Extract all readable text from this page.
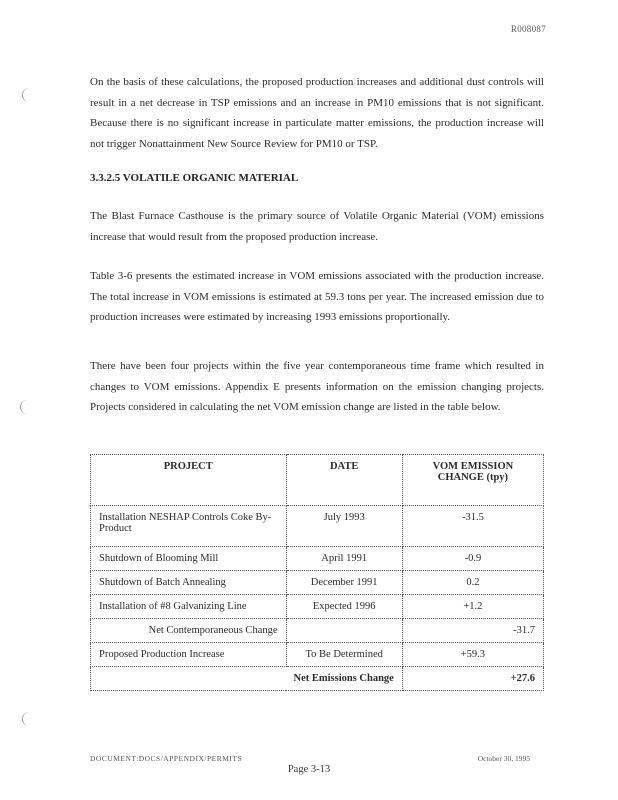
R008087

On the basis of these calculations, the proposed production increases and additional dust controls will result in a net decrease in TSP emissions and an increase in PM10 emissions that is not significant. Because there is no significant increase in particulate matter emissions, the production increase will not trigger Nonattainment New Source Review for PM10 or TSP.

3.3.2.5 VOLATILE ORGANIC MATERIAL

The Blast Furnace Casthouse is the primary source of Volatile Organic Material (VOM) emissions increase that would result from the proposed production increase.

Table 3-6 presents the estimated increase in VOM emissions associated with the production increase. The total increase in VOM emissions is estimated at 59.3 tons per year. The increased emission due to production increases were estimated by increasing 1993 emissions proportionally.

There have been four projects within the five year contemporaneous time frame which resulted in changes to VOM emissions. Appendix E presents information on the emission changing projects. Projects considered in calculating the net VOM emission change are listed in the table below.

PROJECT	DATE	VOM EMISSION CHANGE (tpy)
Installation NESHAP Controls Coke By-Product	July 1993	-31.5
Shutdown of Blooming Mill	April 1991	-0.9
Shutdown of Batch Annealing	December 1991	0.2
Installation of #8 Galvanizing Line	Expected 1996	+1.2
Net Contemporaneous Change		-31.7
Proposed Production Increase	To Be Determined	+59.3
Net Emissions Change		+27.6
DOCUMENT:DOCS/APPENDIX/PERMITS	October 30, 1995
Page 3-13
